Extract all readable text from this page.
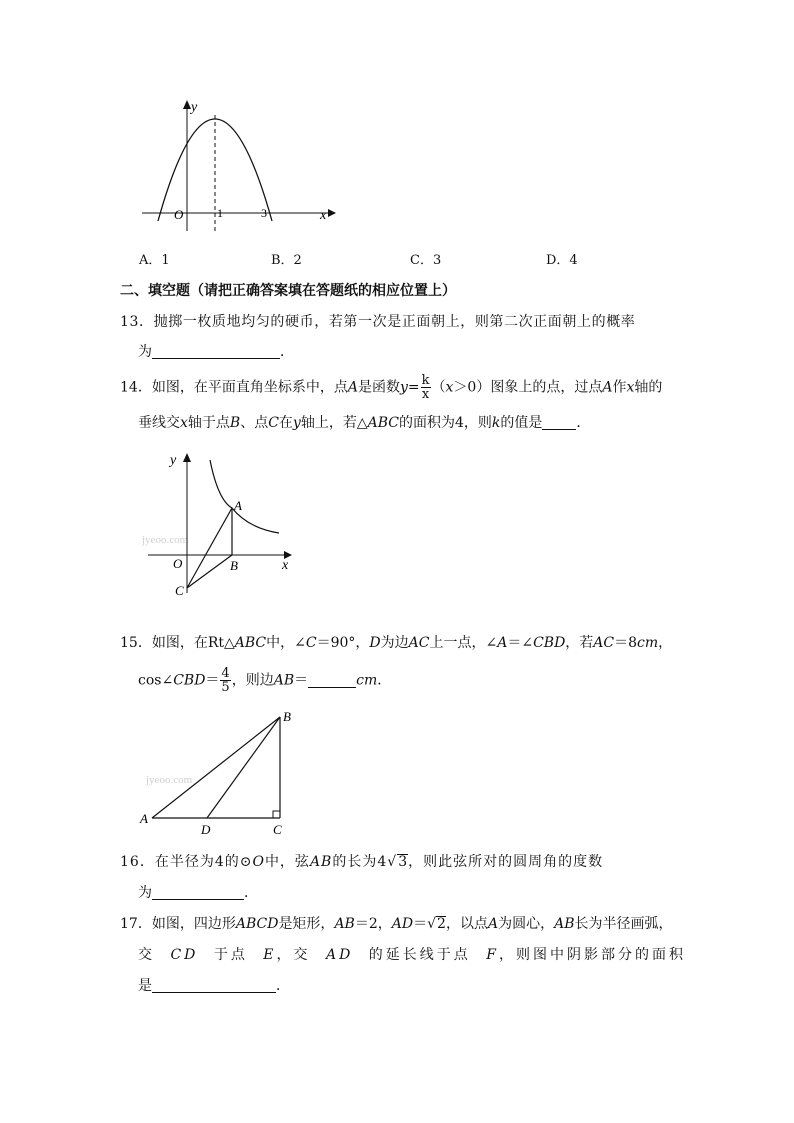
y
x
O	1	3
A．1	B．2	C．3	D．4
二、填空题（请把正确答案填在答题纸的相应位置上）
13．抛掷一枚质地均匀的硬币，若第一次是正面朝上，则第二次正面朝上的概率
为	．
14．如图，在平面直角坐标系中，点A是函数$y= \frac{k}{x} (x>0)$图象上的点，过点A作x轴的
垂线交x轴于点B、点C在y轴上，若△ABC的面积为4，则k的值是 ．
jyeoo.com
y
x
O
A
B
C
15．如图，在Rt△ABC中，∠C＝90°，D为边AC上一点，∠A＝∠CBD，若AC＝8cm，
cos∠CBD＝ $\frac{4}{5}$ ，则边AB＝	cm．
jyeoo.com
A
B
C
D
16．在半径为4的⊙O中，弦AB的长为4√3，则此弦所对的圆周角的度数
为	．
17．如图，四边形ABCD是矩形，AB＝2，AD＝√2，以点A为圆心，AB长为半径画弧，
交 CD 于点 E，交 AD 的延长线于点 F，则图中阴影部分的面积
是	．
